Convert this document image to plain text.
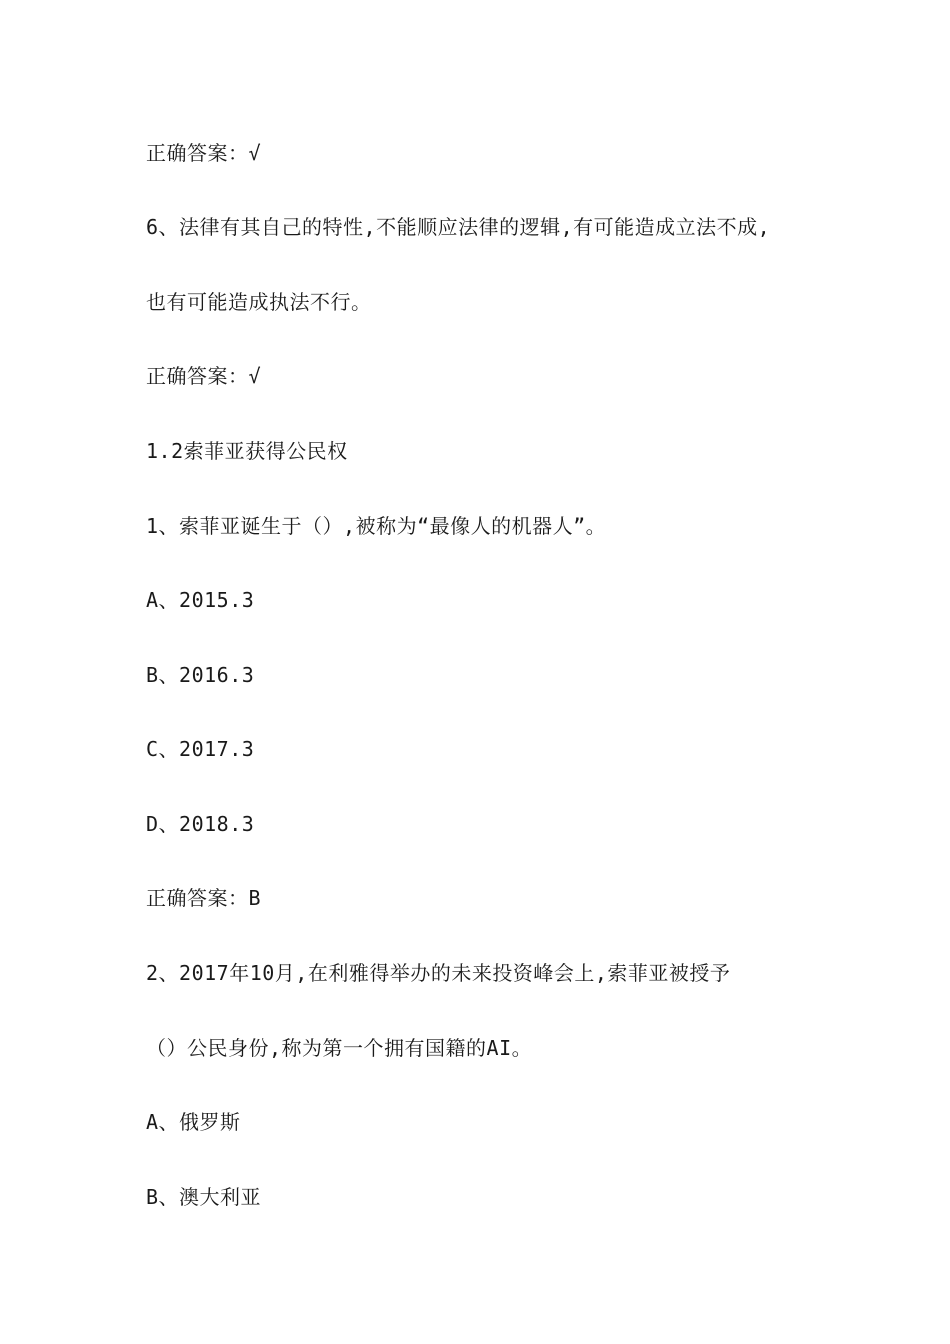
正确答案：√
6、法律有其自己的特性,不能顺应法律的逻辑,有可能造成立法不成,
也有可能造成执法不行。
正确答案：√
1.2索菲亚获得公民权
1、索菲亚诞生于（）,被称为“最像人的机器人”。
A、2015.3
B、2016.3
C、2017.3
D、2018.3
正确答案：B
2、2017年10月,在利雅得举办的未来投资峰会上,索菲亚被授予
（）公民身份,称为第一个拥有国籍的AI。
A、俄罗斯
B、澳大利亚
